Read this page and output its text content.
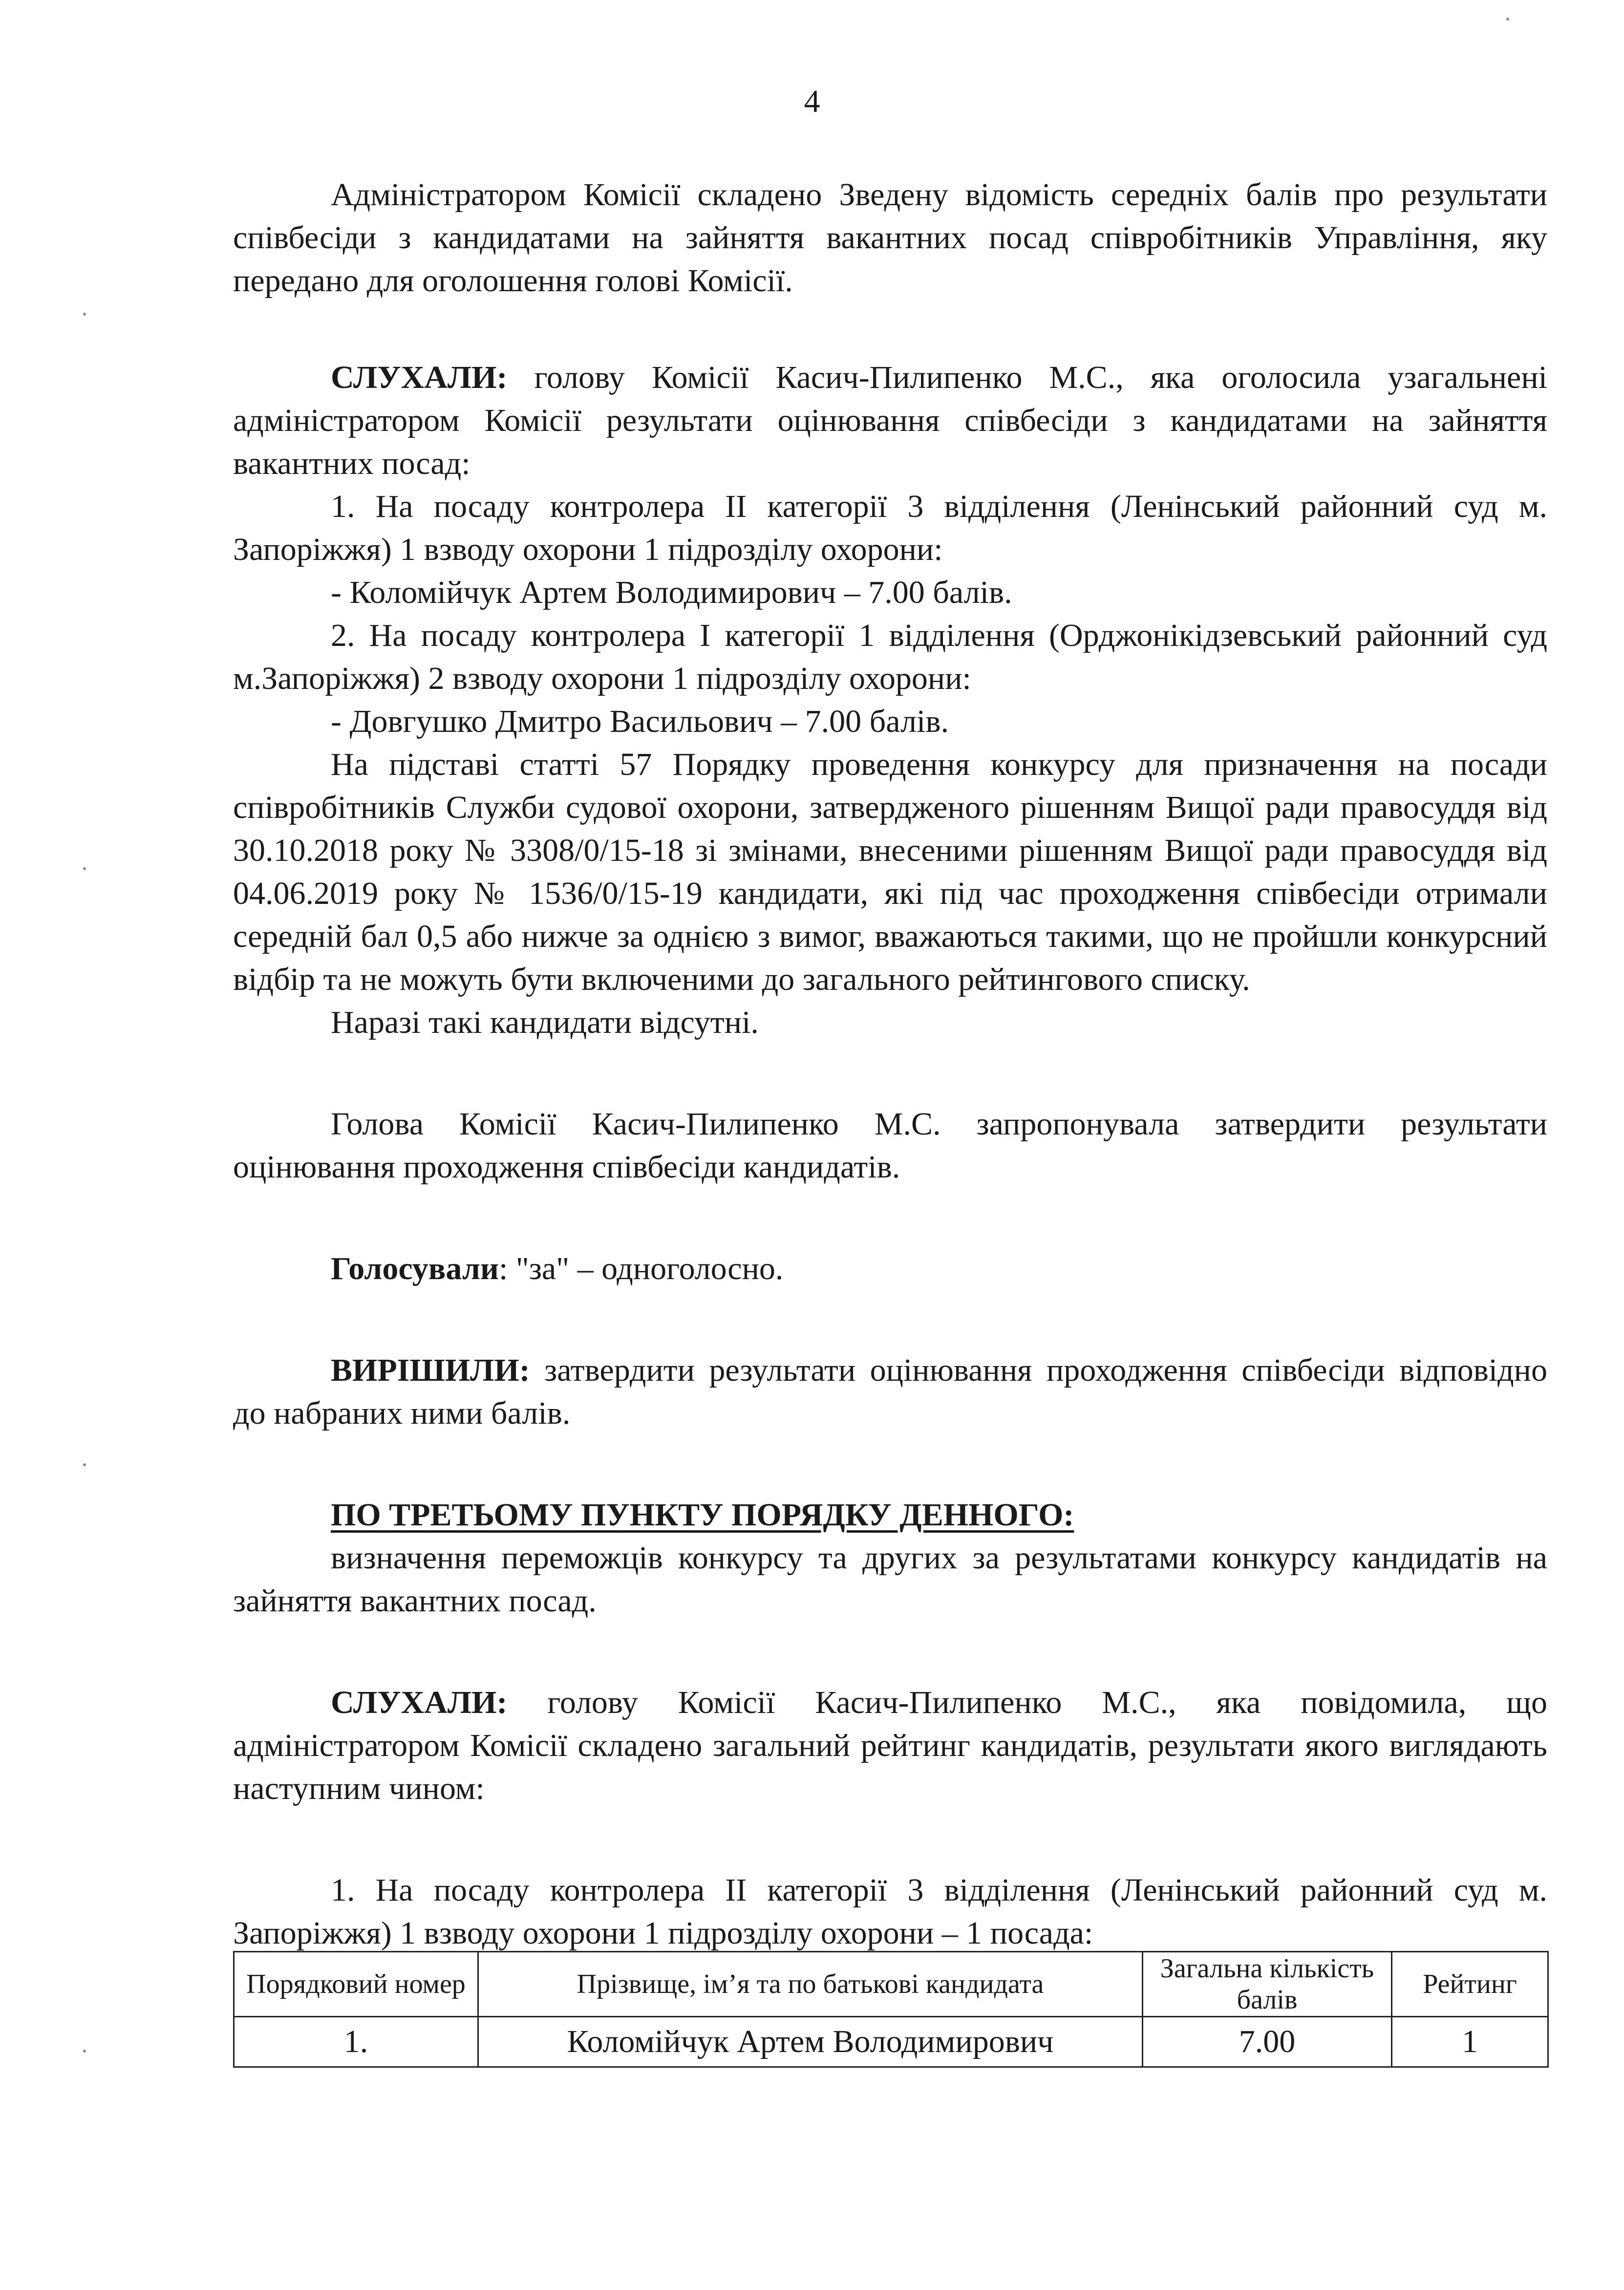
4

Адміністратором Комісії складено Зведену відомість середніх балів про результати співбесіди з кандидатами на зайняття вакантних посад співробітників Управління, яку передано для оголошення голові Комісії.

СЛУХАЛИ: голову Комісії Касич-Пилипенко М.С., яка оголосила узагальнені адміністратором Комісії результати оцінювання співбесіди з кандидатами на зайняття вакантних посад:

1. На посаду контролера ІІ категорії 3 відділення (Ленінський районний суд м. Запоріжжя) 1 взводу охорони 1 підрозділу охорони:

- Коломійчук Артем Володимирович – 7.00 балів.

2. На посаду контролера І категорії 1 відділення (Орджонікідзевський районний суд м.Запоріжжя) 2 взводу охорони 1 підрозділу охорони:

- Довгушко Дмитро Васильович – 7.00 балів.

На підставі статті 57 Порядку проведення конкурсу для призначення на посади співробітників Служби судової охорони, затвердженого рішенням Вищої ради правосуддя від 30.10.2018 року № 3308/0/15-18 зі змінами, внесеними рішенням Вищої ради правосуддя від 04.06.2019 року № 1536/0/15-19 кандидати, які під час проходження співбесіди отримали середній бал 0,5 або нижче за однією з вимог, вважаються такими, що не пройшли конкурсний відбір та не можуть бути включеними до загального рейтингового списку.

Наразі такі кандидати відсутні.

Голова Комісії Касич-Пилипенко М.С. запропонувала затвердити результати оцінювання проходження співбесіди кандидатів.

Голосували: "за" – одноголосно.

ВИРІШИЛИ: затвердити результати оцінювання проходження співбесіди відповідно до набраних ними балів.

ПО ТРЕТЬОМУ ПУНКТУ ПОРЯДКУ ДЕННОГО:

визначення переможців конкурсу та других за результатами конкурсу кандидатів на зайняття вакантних посад.

СЛУХАЛИ: голову Комісії Касич-Пилипенко М.С., яка повідомила, що адміністратором Комісії складено загальний рейтинг кандидатів, результати якого виглядають наступним чином:

1. На посаду контролера ІІ категорії 3 відділення (Ленінський районний суд м. Запоріжжя) 1 взводу охорони 1 підрозділу охорони – 1 посада:

Порядковий номер	Прізвище, ім’я та по батькові кандидата	Загальна кількість балів	Рейтинг
1.	Коломійчук Артем Володимирович	7.00	1
